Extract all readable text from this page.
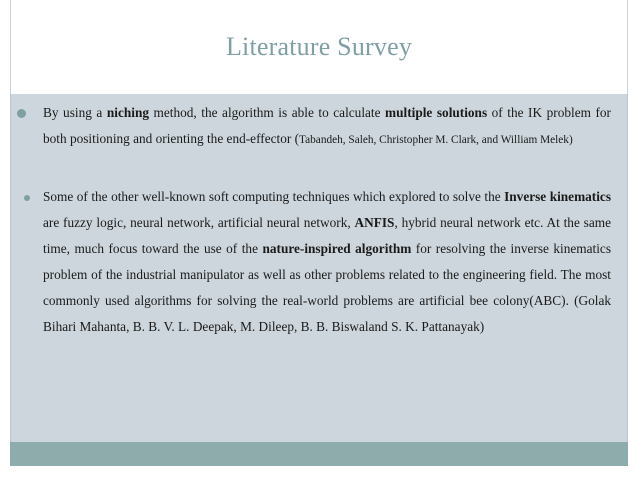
Literature Survey
By using a niching method, the algorithm is able to calculate multiple solutions of the IK problem for both positioning and orienting the end-effector (Tabandeh, Saleh, Christopher M. Clark, and William Melek)
Some of the other well-known soft computing techniques which explored to solve the Inverse kinematics are fuzzy logic, neural network, artificial neural network, ANFIS, hybrid neural network etc. At the same time, much focus toward the use of the nature-inspired algorithm for resolving the inverse kinematics problem of the industrial manipulator as well as other problems related to the engineering field. The most commonly used algorithms for solving the real-world problems are artificial bee colony(ABC). (Golak Bihari Mahanta, B. B. V. L. Deepak, M. Dileep, B. B. Biswaland S. K. Pattanayak)
